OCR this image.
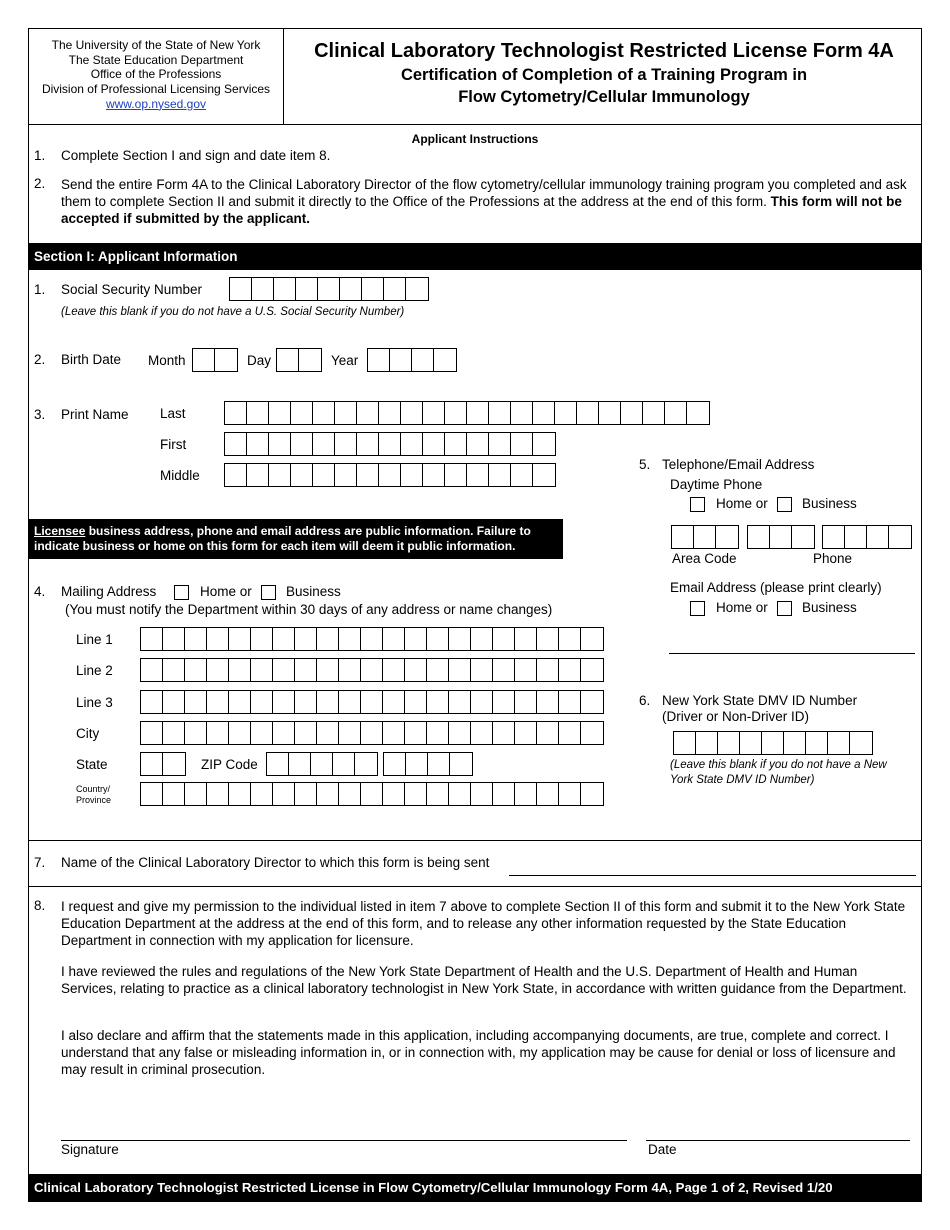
The University of the State of New York
The State Education Department
Office of the Professions
Division of Professional Licensing Services
www.op.nysed.gov
Clinical Laboratory Technologist Restricted License Form 4A
Certification of Completion of a Training Program in
Flow Cytometry/Cellular Immunology
Applicant Instructions
1. Complete Section I and sign and date item 8.
2. Send the entire Form 4A to the Clinical Laboratory Director of the flow cytometry/cellular immunology training program you completed and ask them to complete Section II and submit it directly to the Office of the Professions at the address at the end of this form. This form will not be accepted if submitted by the applicant.
Section I: Applicant Information
1. Social Security Number
(Leave this blank if you do not have a U.S. Social Security Number)
2. Birth Date Month	Day	Year
3. Print Name Last
First
Middle
Licensee business address, phone and email address are public information. Failure to indicate business or home on this form for each item will deem it public information.
4. Mailing Address	Home or	Business
(You must notify the Department within 30 days of any address or name changes)
Line 1
Line 2
Line 3
City
State	ZIP Code
Country/ Province
5. Telephone/Email Address
Daytime Phone
Home or	Business
Area Code	Phone
Email Address (please print clearly)
Home or	Business
6. New York State DMV ID Number
(Driver or Non-Driver ID)
(Leave this blank if you do not have a New York State DMV ID Number)
7. Name of the Clinical Laboratory Director to which this form is being sent
8. I request and give my permission to the individual listed in item 7 above to complete Section II of this form and submit it to the New York State Education Department at the address at the end of this form, and to release any other information requested by the State Education Department in connection with my application for licensure.
I have reviewed the rules and regulations of the New York State Department of Health and the U.S. Department of Health and Human Services, relating to practice as a clinical laboratory technologist in New York State, in accordance with written guidance from the Department.
I also declare and affirm that the statements made in this application, including accompanying documents, are true, complete and correct. I understand that any false or misleading information in, or in connection with, my application may be cause for denial or loss of licensure and may result in criminal prosecution.
Signature	Date
Clinical Laboratory Technologist Restricted License in Flow Cytometry/Cellular Immunology Form 4A, Page 1 of 2, Revised 1/20
